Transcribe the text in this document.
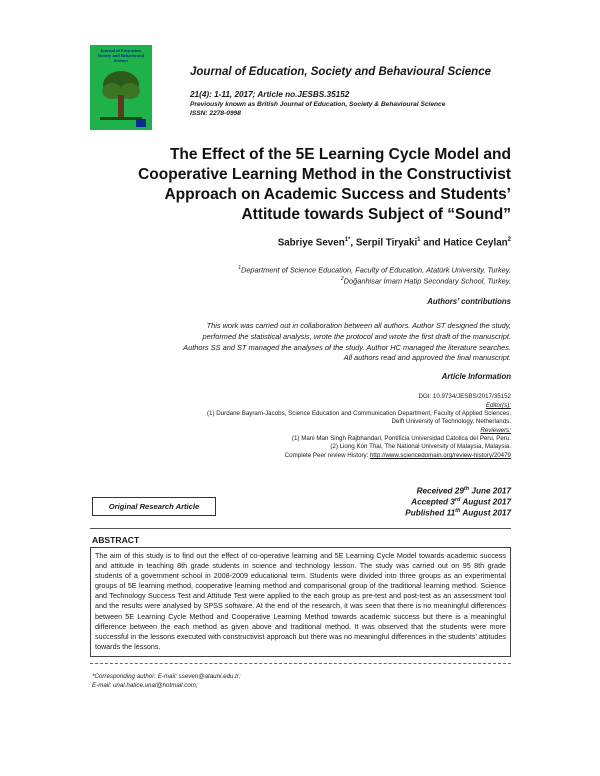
Journal of Education, Society and Behavioural Science
Journal of Education, Society and Behavioural Science
21(4): 1-11, 2017; Article no.JESBS.35152
Previously known as British Journal of Education, Society & Behavioural Science
ISSN: 2278-0998
The Effect of the 5E Learning Cycle Model and
Cooperative Learning Method in the Constructivist
Approach on Academic Success and Students’
Attitude towards Subject of “Sound”
Sabriye Seven$^{1*}$, Serpil Tiryaki$^1$ and Hatice Ceylan$^2$
$^1$Department of Science Education, Faculty of Education, Atatürk University, Turkey.
$^2$Doğanhisar İmam Hatip Secondary School, Turkey.
Authors’ contributions
This work was carried out in collaboration between all authors. Author ST designed the study,
performed the statistical analysis, wrote the protocol and wrote the first draft of the manuscript.
Authors SS and ST managed the analyses of the study. Author HC managed the literature searches.
All authors read and approved the final manuscript.
Article Information
DOI: 10.9734/JESBS/2017/35152
Editor(s):
(1) Durdane Bayram-Jacobs, Science Education and Communication Department, Faculty of Applied Sciences,
Delft University of Technology, Netherlands.
Reviewers:
(1) Mani Man Singh Rajbhandari, Pontificia Universidad Catolica del Peru, Peru.
(2) Liong Kon Thai, The National University of Malaysia, Malaysia.
Complete Peer review History: http://www.sciencedomain.org/review-history/20479
Original Research Article
Received 29th June 2017
Accepted 3rd August 2017
Published 11th August 2017
ABSTRACT
The aim of this study is to find out the effect of co-operative learning and 5E Learning Cycle Model towards academic success and attitude in teaching 8th grade students in science and technology lesson. The study was carried out on 95 8th grade students of a government school in 2008-2009 educational term. Students were divided into three groups as an experimental groups of 5E learning method, cooperative learning method and comparisonal group of the traditional learning method. Science and Technology Success Test and Attitude Test were applied to the each group as pre-test and post-test as an assessment tool and the results were analysed by SPSS software. At the end of the research, it was seen that there is no meaningful differences between 5E Learning Cycle Method and Cooperative Learning Method towards academic success but there is a meaningful difference between the each method as given above and traditional method. It was observed that the students were more successful in the lessons executed with constructivist approach but there was no meaningful differences in the students’ attitudes towards the lessons.
*Corresponding author: E-mail: sseven@atauni.edu.tr;
E-mail: unal.hatice.unal@hotmail.com;
